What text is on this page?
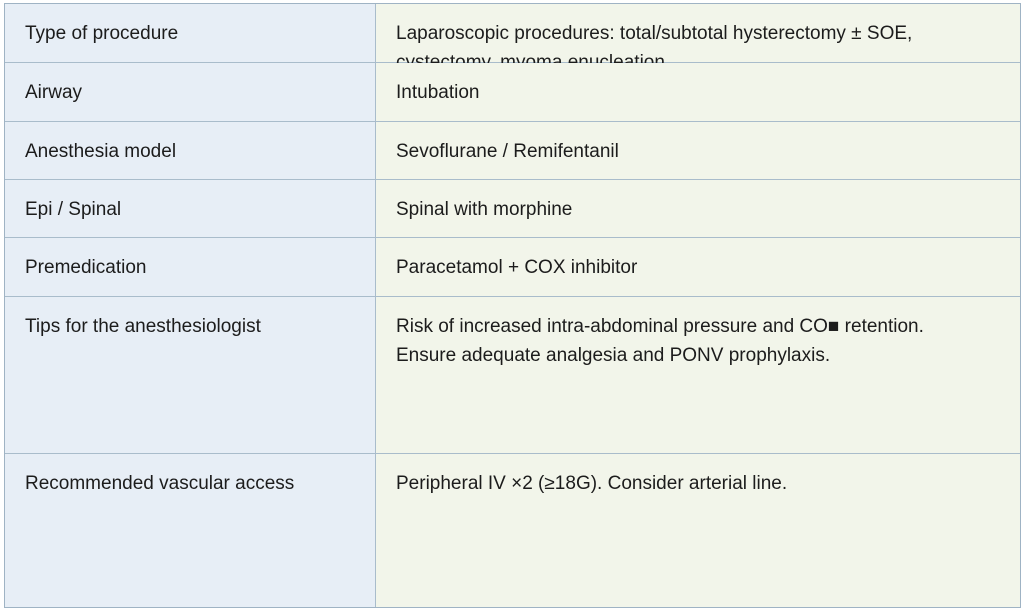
Type of procedure	Laparoscopic procedures: total/subtotal hysterectomy ± SOE,

Airway	Intubation
Anesthesia model	Sevoflurane / Remifentanil
Epi / Spinal	Spinal with morphine
Premedication	Paracetamol + COX inhibitor
Tips for the anesthesiologist	Risk of increased intra-abdominal pressure and CO■ retention.
Ensure adequate analgesia and PONV prophylaxis.
Recommended vascular access	Peripheral IV ×2 (≥18G). Consider arterial line.
